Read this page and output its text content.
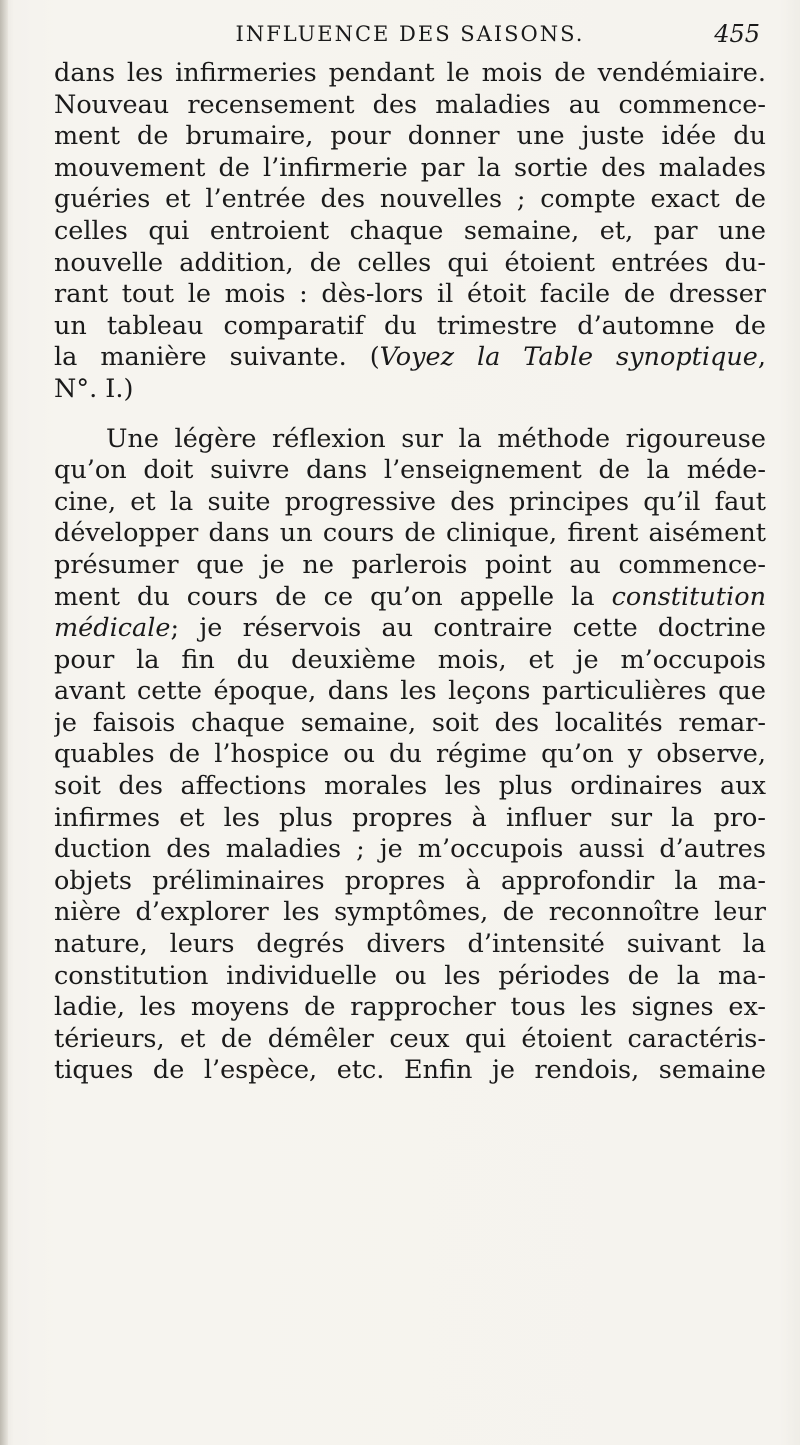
INFLUENCE DES SAISONS.	455
dans les infirmeries pendant le mois de vendémiaire.
Nouveau recensement des maladies au commence-
ment de brumaire, pour donner une juste idée du
mouvement de l’infirmerie par la sortie des malades
guéries et l’entrée des nouvelles ; compte exact de
celles qui entroient chaque semaine, et, par une
nouvelle addition, de celles qui étoient entrées du-
rant tout le mois : dès-lors il étoit facile de dresser
un tableau comparatif du trimestre d’automne de
la manière suivante. (Voyez la Table synoptique,
N°. I.)
Une légère réflexion sur la méthode rigoureuse
qu’on doit suivre dans l’enseignement de la méde-
cine, et la suite progressive des principes qu’il faut
développer dans un cours de clinique, firent aisément
présumer que je ne parlerois point au commence-
ment du cours de ce qu’on appelle la constitution
médicale; je réservois au contraire cette doctrine
pour la fin du deuxième mois, et je m’occupois
avant cette époque, dans les leçons particulières que
je faisois chaque semaine, soit des localités remar-
quables de l’hospice ou du régime qu’on y observe,
soit des affections morales les plus ordinaires aux
infirmes et les plus propres à influer sur la pro-
duction des maladies ; je m’occupois aussi d’autres
objets préliminaires propres à approfondir la ma-
nière d’explorer les symptômes, de reconnoître leur
nature, leurs degrés divers d’intensité suivant la
constitution individuelle ou les périodes de la ma-
ladie, les moyens de rapprocher tous les signes ex-
térieurs, et de démêler ceux qui étoient caractéris-
tiques de l’espèce, etc. Enfin je rendois, semaine
